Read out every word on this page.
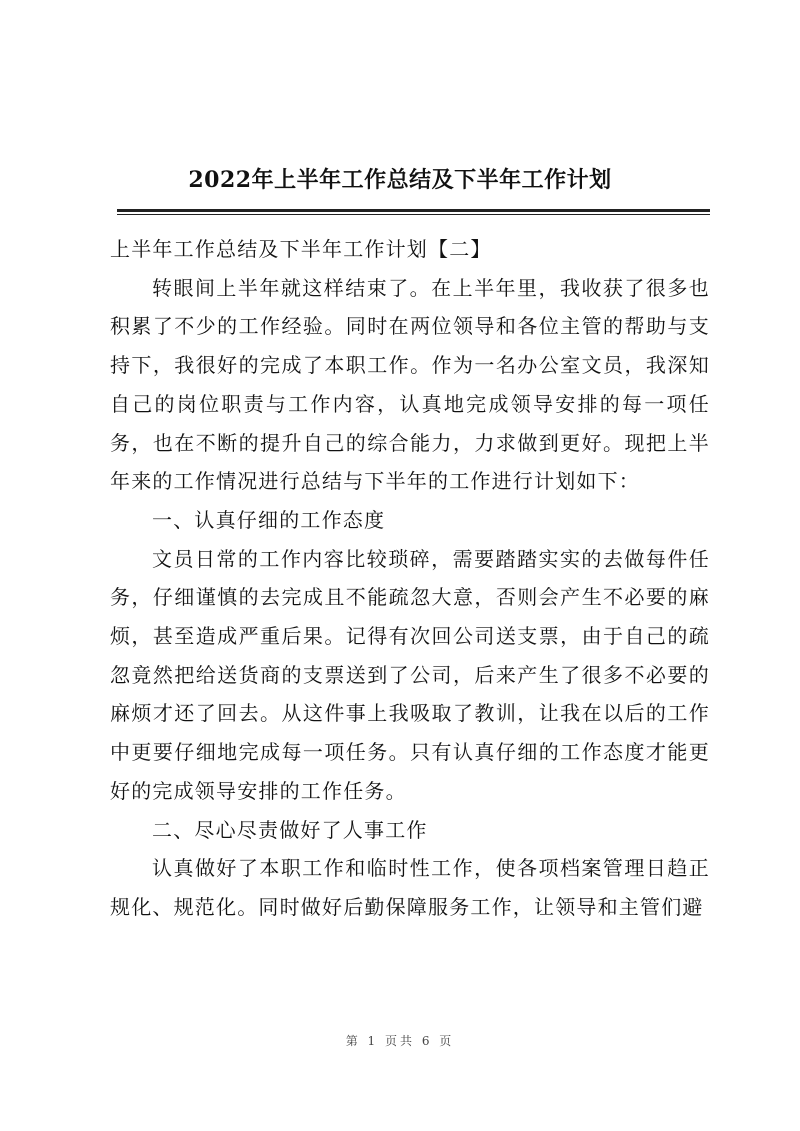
2022年上半年工作总结及下半年工作计划

上半年工作总结及下半年工作计划【二】

转眼间上半年就这样结束了。在上半年里，我收获了很多也积累了不少的工作经验。同时在两位领导和各位主管的帮助与支持下，我很好的完成了本职工作。作为一名办公室文员，我深知自己的岗位职责与工作内容，认真地完成领导安排的每一项任务，也在不断的提升自己的综合能力，力求做到更好。现把上半年来的工作情况进行总结与下半年的工作进行计划如下：

一、认真仔细的工作态度

文员日常的工作内容比较琐碎，需要踏踏实实的去做每件任务，仔细谨慎的去完成且不能疏忽大意，否则会产生不必要的麻烦，甚至造成严重后果。记得有次回公司送支票，由于自己的疏忽竟然把给送货商的支票送到了公司，后来产生了很多不必要的麻烦才还了回去。从这件事上我吸取了教训，让我在以后的工作中更要仔细地完成每一项任务。只有认真仔细的工作态度才能更好的完成领导安排的工作任务。

二、尽心尽责做好了人事工作

认真做好了本职工作和临时性工作，使各项档案管理日趋正规化、规范化。同时做好后勤保障服务工作，让领导和主管们避

第 1 页共 6 页
